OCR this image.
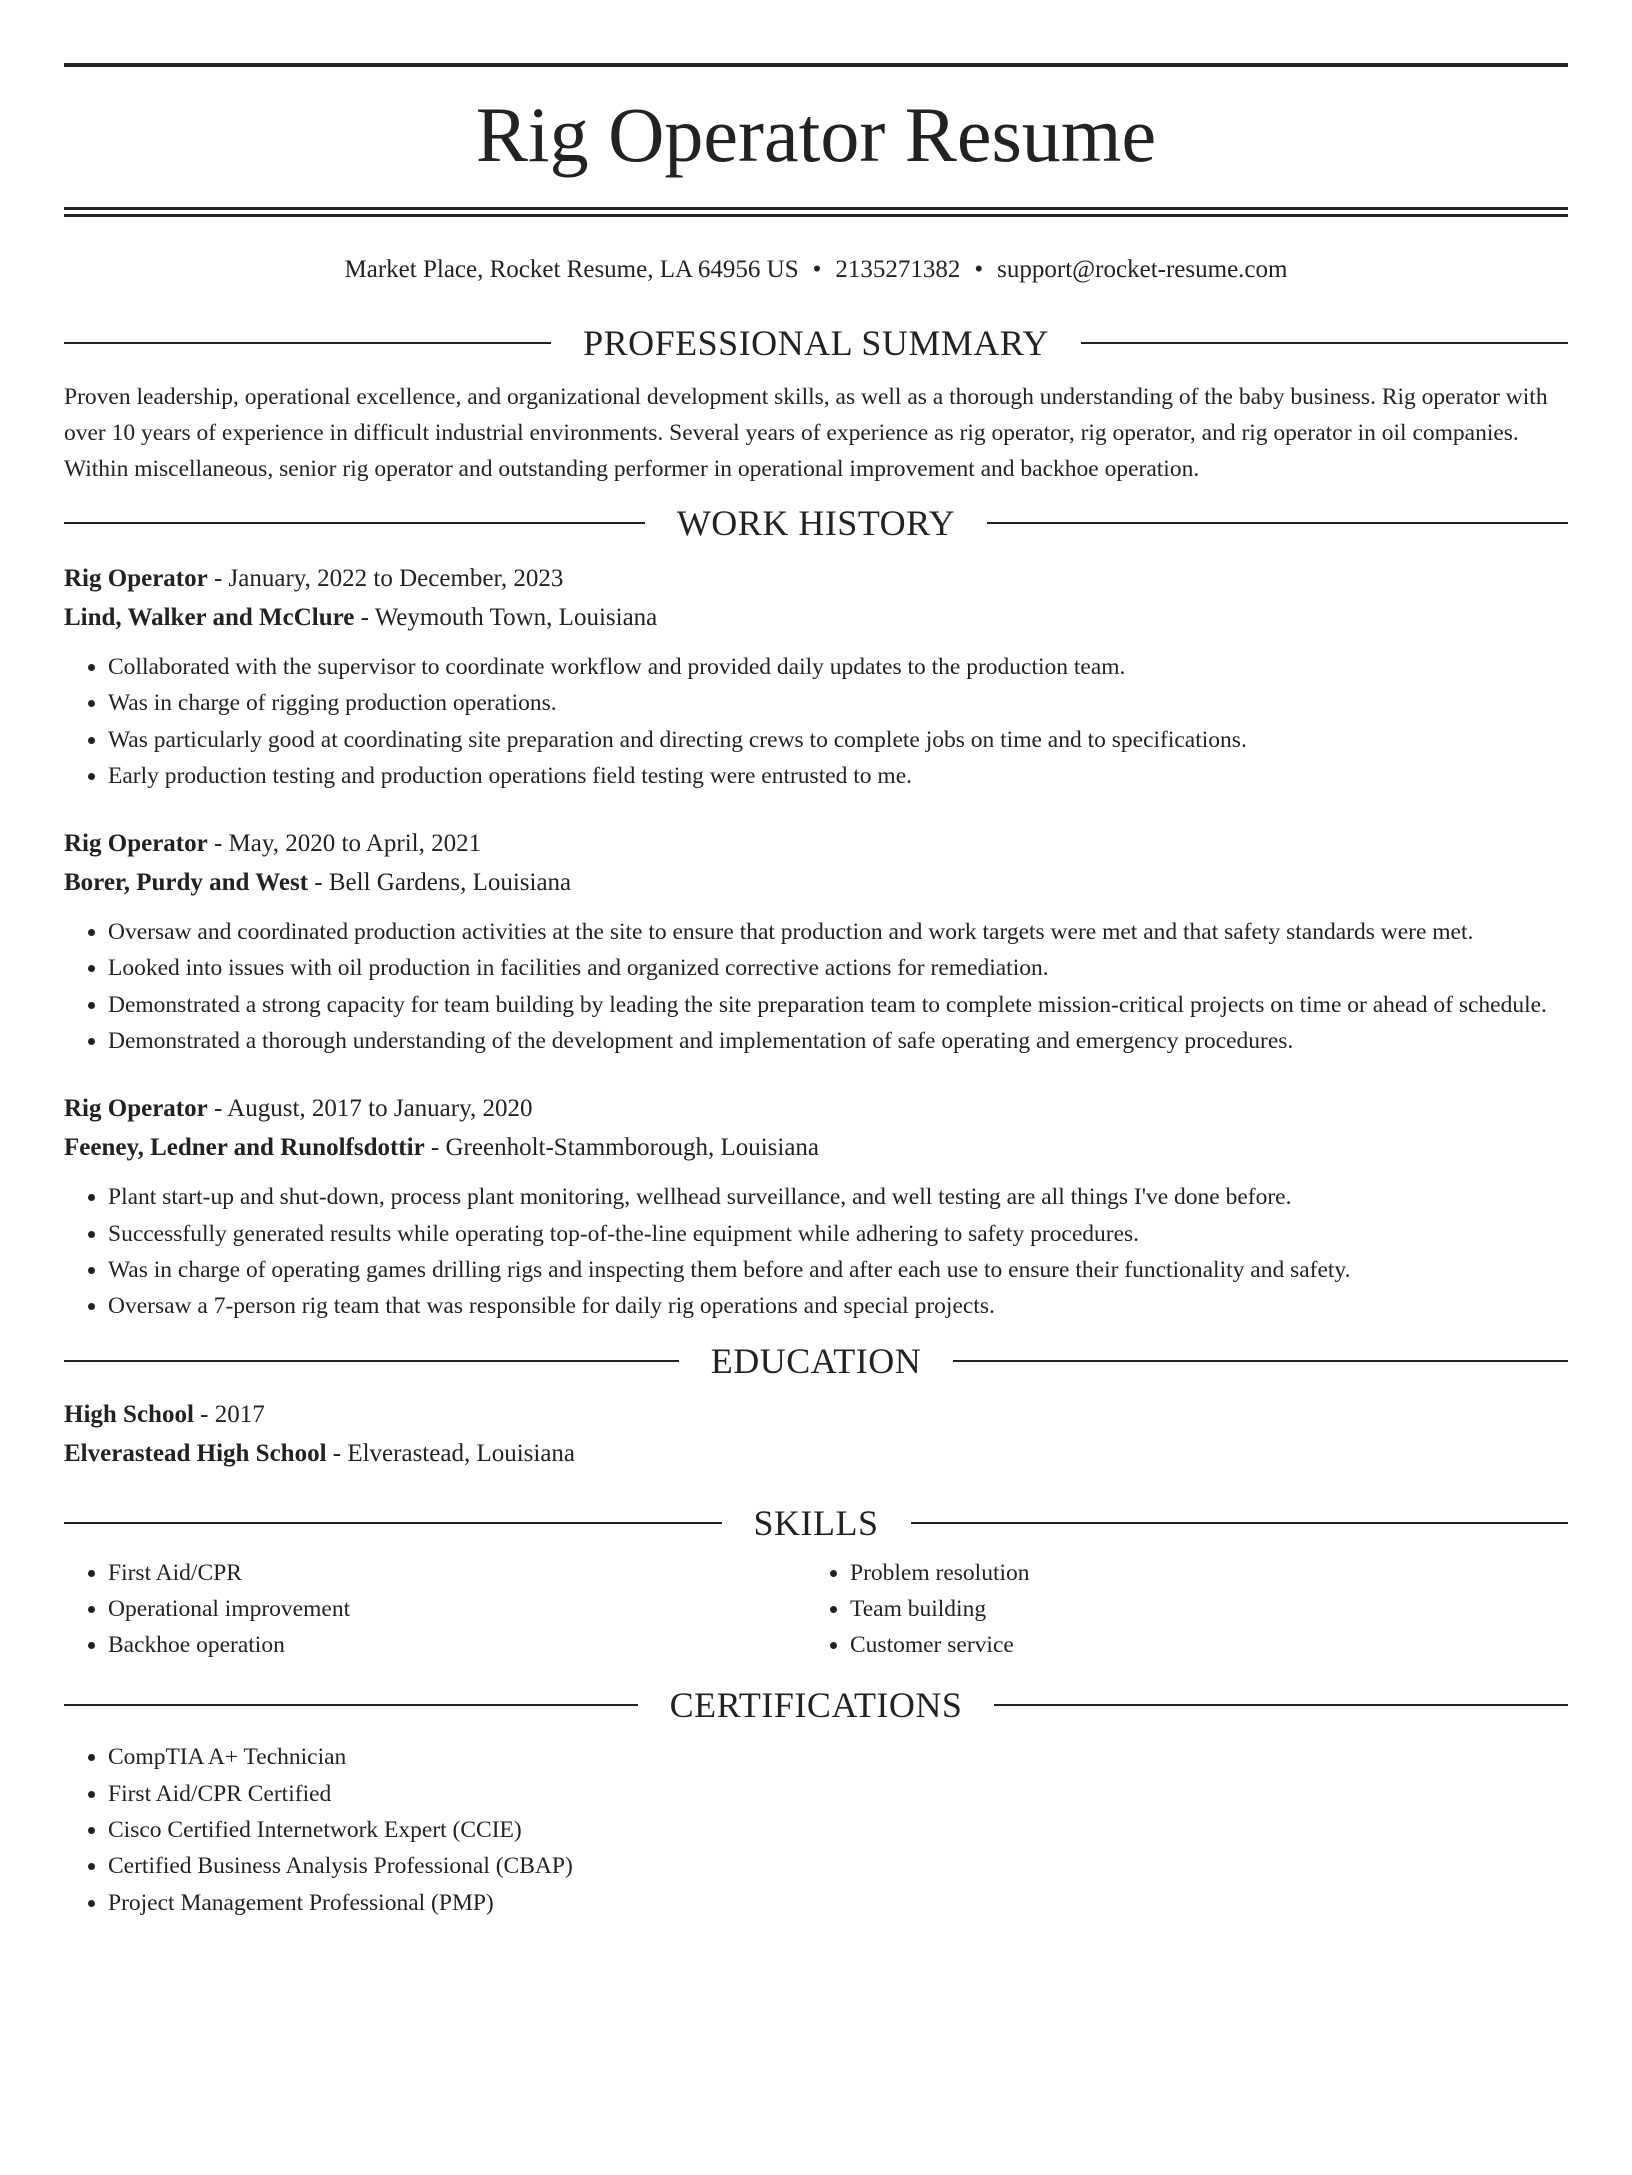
Rig Operator Resume
Market Place, Rocket Resume, LA 64956 US • 2135271382 • support@rocket-resume.com
PROFESSIONAL SUMMARY

Proven leadership, operational excellence, and organizational development skills, as well as a thorough understanding of the baby business. Rig operator with over 10 years of experience in difficult industrial environments. Several years of experience as rig operator, rig operator, and rig operator in oil companies. Within miscellaneous, senior rig operator and outstanding performer in operational improvement and backhoe operation.

WORK HISTORY
Rig Operator - January, 2022 to December, 2023
Lind, Walker and McClure - Weymouth Town, Louisiana
• Collaborated with the supervisor to coordinate workflow and provided daily updates to the production team.
• Was in charge of rigging production operations.
• Was particularly good at coordinating site preparation and directing crews to complete jobs on time and to specifications.
• Early production testing and production operations field testing were entrusted to me.
Rig Operator - May, 2020 to April, 2021
Borer, Purdy and West - Bell Gardens, Louisiana
• Oversaw and coordinated production activities at the site to ensure that production and work targets were met and that safety standards were met.
• Looked into issues with oil production in facilities and organized corrective actions for remediation.
• Demonstrated a strong capacity for team building by leading the site preparation team to complete mission-critical projects on time or ahead of schedule.
• Demonstrated a thorough understanding of the development and implementation of safe operating and emergency procedures.
Rig Operator - August, 2017 to January, 2020
Feeney, Ledner and Runolfsdottir - Greenholt-Stammborough, Louisiana
• Plant start-up and shut-down, process plant monitoring, wellhead surveillance, and well testing are all things I've done before.
• Successfully generated results while operating top-of-the-line equipment while adhering to safety procedures.
• Was in charge of operating games drilling rigs and inspecting them before and after each use to ensure their functionality and safety.
• Oversaw a 7-person rig team that was responsible for daily rig operations and special projects.
EDUCATION
High School - 2017
Elverastead High School - Elverastead, Louisiana
SKILLS
• First Aid/CPR
• Operational improvement
• Backhoe operation
• Problem resolution
• Team building
• Customer service
CERTIFICATIONS
• CompTIA A+ Technician
• First Aid/CPR Certified
• Cisco Certified Internetwork Expert (CCIE)
• Certified Business Analysis Professional (CBAP)
• Project Management Professional (PMP)
